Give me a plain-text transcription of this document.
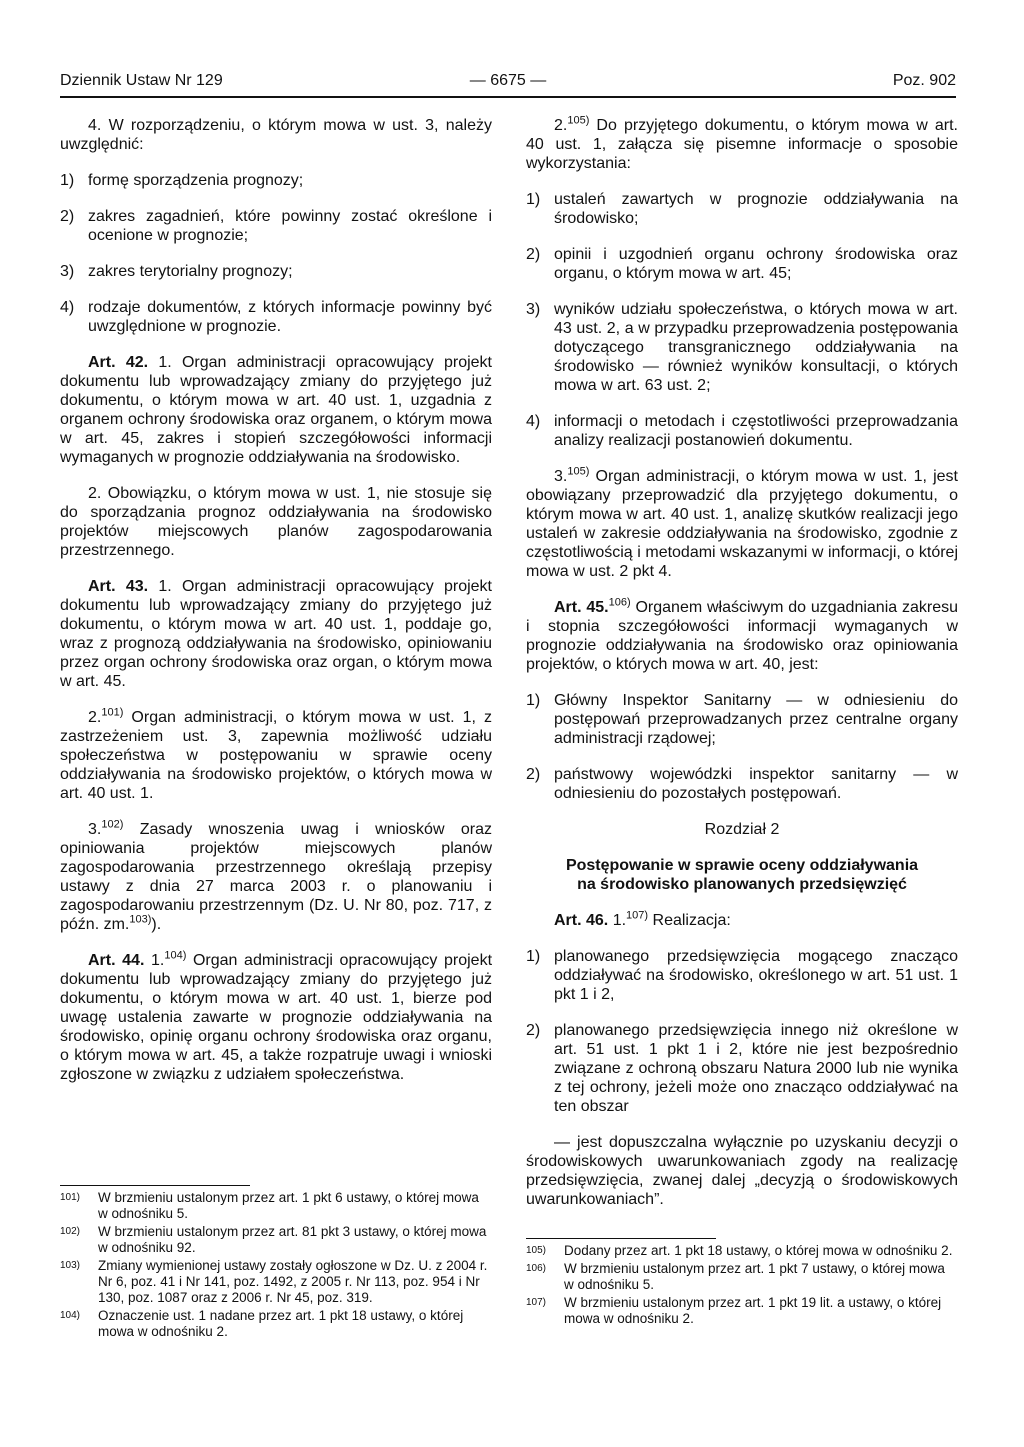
Dziennik Ustaw Nr 129	— 6675 —	Poz. 902

4. W rozporządzeniu, o którym mowa w ust. 3, należy uwzględnić:

1) formę sporządzenia prognozy;
2) zakres zagadnień, które powinny zostać określone i ocenione w prognozie;
3) zakres terytorialny prognozy;
4) rodzaje dokumentów, z których informacje powinny być uwzględnione w prognozie.

Art. 42. 1. Organ administracji opracowujący projekt dokumentu lub wprowadzający zmiany do przyjętego już dokumentu, o którym mowa w art. 40 ust. 1, uzgadnia z organem ochrony środowiska oraz organem, o którym mowa w art. 45, zakres i stopień szczegółowości informacji wymaganych w prognozie oddziaływania na środowisko.

2. Obowiązku, o którym mowa w ust. 1, nie stosuje się do sporządzania prognoz oddziaływania na środowisko projektów miejscowych planów zagospodarowania przestrzennego.

Art. 43. 1. Organ administracji opracowujący projekt dokumentu lub wprowadzający zmiany do przyjętego już dokumentu, o którym mowa w art. 40 ust. 1, poddaje go, wraz z prognozą oddziaływania na środowisko, opiniowaniu przez organ ochrony środowiska oraz organ, o którym mowa w art. 45.

2.$^{101)}$ Organ administracji, o którym mowa w ust. 1, z zastrzeżeniem ust. 3, zapewnia możliwość udziału społeczeństwa w postępowaniu w sprawie oceny oddziaływania na środowisko projektów, o których mowa w art. 40 ust. 1.

3.$^{102)}$ Zasady wnoszenia uwag i wniosków oraz opiniowania projektów miejscowych planów zagospodarowania przestrzennego określają przepisy ustawy z dnia 27 marca 2003 r. o planowaniu i zagospodarowaniu przestrzennym (Dz. U. Nr 80, poz. 717, z późn. zm.$^{103)}$).

Art. 44. 1.$^{104)}$ Organ administracji opracowujący projekt dokumentu lub wprowadzający zmiany do przyjętego już dokumentu, o którym mowa w art. 40 ust. 1, bierze pod uwagę ustalenia zawarte w prognozie oddziaływania na środowisko, opinię organu ochrony środowiska oraz organu, o którym mowa w art. 45, a także rozpatruje uwagi i wnioski zgłoszone w związku z udziałem społeczeństwa.

101)	W brzmieniu ustalonym przez art. 1 pkt 6 ustawy, o której mowa w odnośniku 5.
102)	W brzmieniu ustalonym przez art. 81 pkt 3 ustawy, o której mowa w odnośniku 92.
103)	Zmiany wymienionej ustawy zostały ogłoszone w Dz. U. z 2004 r. Nr 6, poz. 41 i Nr 141, poz. 1492, z 2005 r. Nr 113, poz. 954 i Nr 130, poz. 1087 oraz z 2006 r. Nr 45, poz. 319.
104)	Oznaczenie ust. 1 nadane przez art. 1 pkt 18 ustawy, o której mowa w odnośniku 2.

2.$^{105)}$ Do przyjętego dokumentu, o którym mowa w art. 40 ust. 1, załącza się pisemne informacje o sposobie wykorzystania:

1) ustaleń zawartych w prognozie oddziaływania na środowisko;
2) opinii i uzgodnień organu ochrony środowiska oraz organu, o którym mowa w art. 45;
3) wyników udziału społeczeństwa, o których mowa w art. 43 ust. 2, a w przypadku przeprowadzenia postępowania dotyczącego transgranicznego oddziaływania na środowisko — również wyników konsultacji, o których mowa w art. 63 ust. 2;
4) informacji o metodach i częstotliwości przeprowadzania analizy realizacji postanowień dokumentu.

3.$^{105)}$ Organ administracji, o którym mowa w ust. 1, jest obowiązany przeprowadzić dla przyjętego dokumentu, o którym mowa w art. 40 ust. 1, analizę skutków realizacji jego ustaleń w zakresie oddziaływania na środowisko, zgodnie z częstotliwością i metodami wskazanymi w informacji, o której mowa w ust. 2 pkt 4.

Art. 45.$^{106)}$ Organem właściwym do uzgadniania zakresu i stopnia szczegółowości informacji wymaganych w prognozie oddziaływania na środowisko oraz opiniowania projektów, o których mowa w art. 40, jest:

1) Główny Inspektor Sanitarny — w odniesieniu do postępowań przeprowadzanych przez centralne organy administracji rządowej;
2) państwowy wojewódzki inspektor sanitarny — w odniesieniu do pozostałych postępowań.

Rozdział 2

Postępowanie w sprawie oceny oddziaływania
na środowisko planowanych przedsięwzięć

Art. 46. 1.$^{107)}$ Realizacja:

1) planowanego przedsięwzięcia mogącego znacząco oddziaływać na środowisko, określonego w art. 51 ust. 1 pkt 1 i 2,
2) planowanego przedsięwzięcia innego niż określone w art. 51 ust. 1 pkt 1 i 2, które nie jest bezpośrednio związane z ochroną obszaru Natura 2000 lub nie wynika z tej ochrony, jeżeli może ono znacząco oddziaływać na ten obszar

— jest dopuszczalna wyłącznie po uzyskaniu decyzji o środowiskowych uwarunkowaniach zgody na realizację przedsięwzięcia, zwanej dalej „decyzją o środowiskowych uwarunkowaniach”.

105)	Dodany przez art. 1 pkt 18 ustawy, o której mowa w odnośniku 2.
106)	W brzmieniu ustalonym przez art. 1 pkt 7 ustawy, o której mowa w odnośniku 5.
107)	W brzmieniu ustalonym przez art. 1 pkt 19 lit. a ustawy, o której mowa w odnośniku 2.
